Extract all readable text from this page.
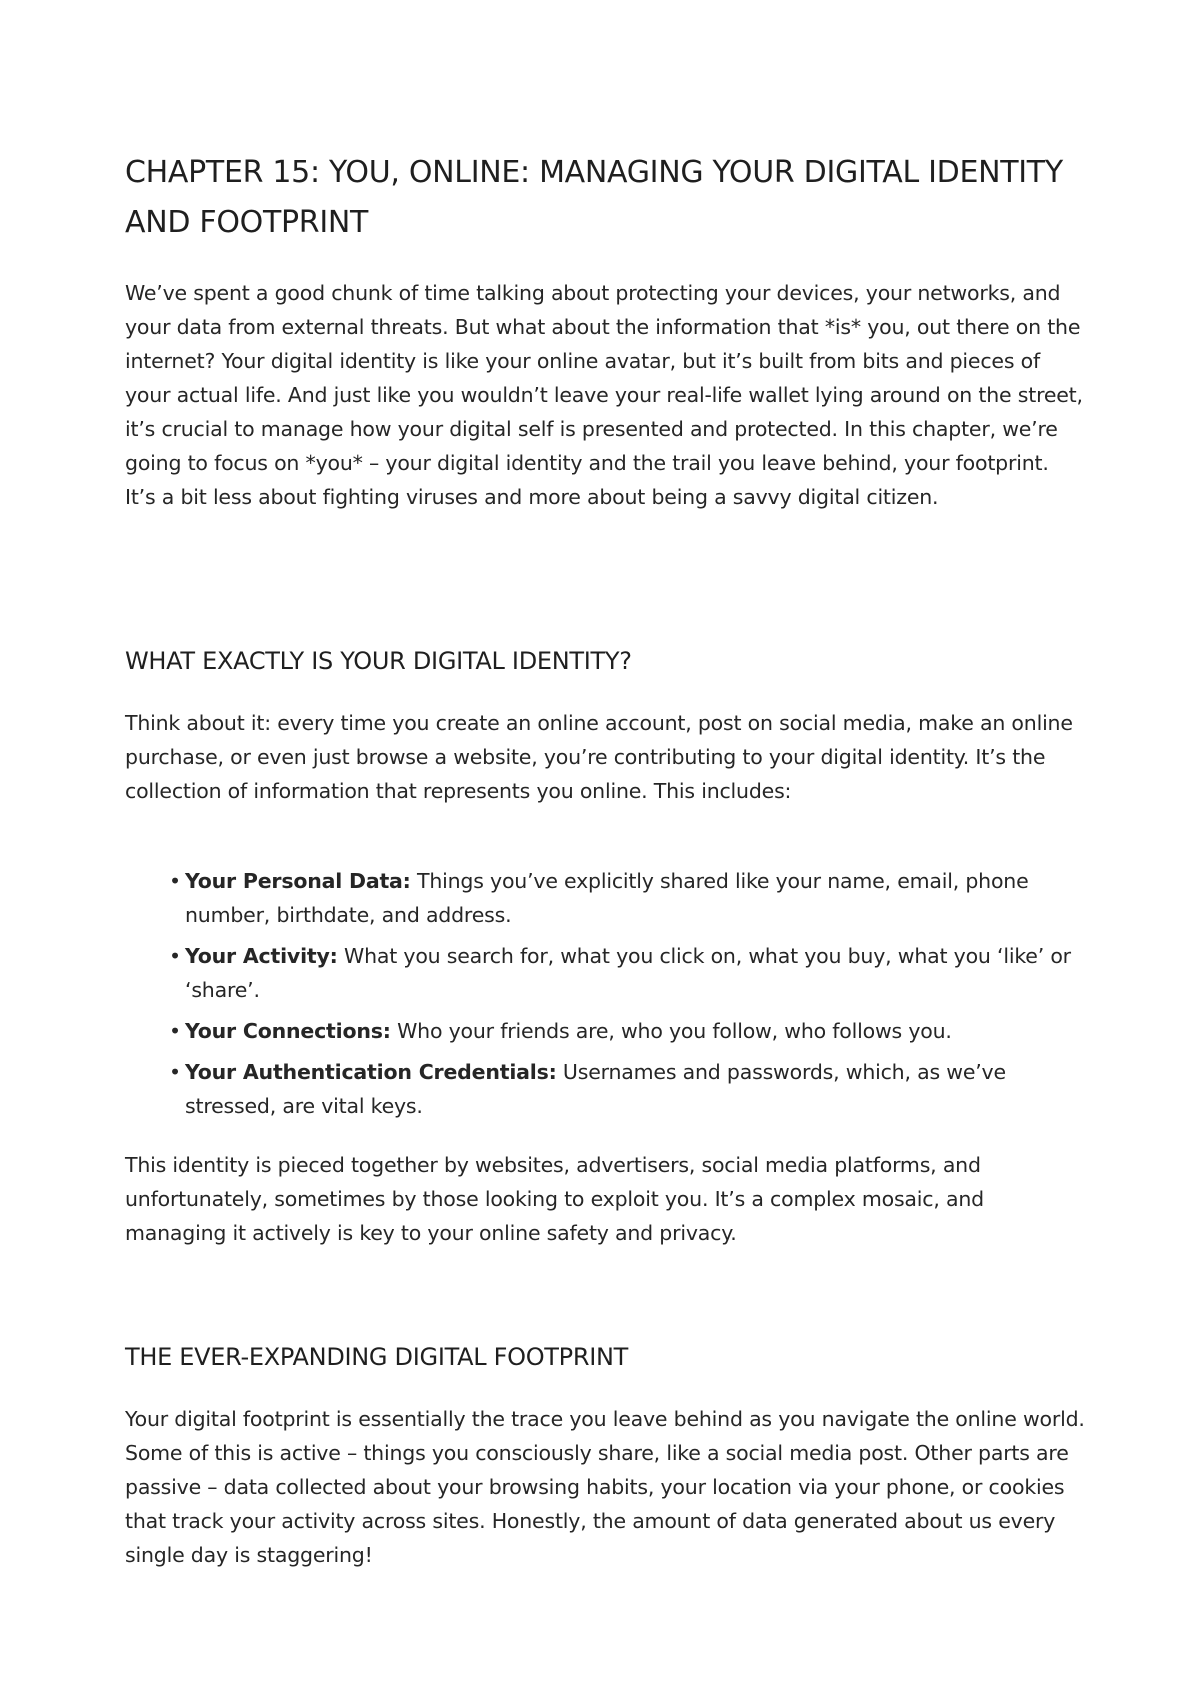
CHAPTER 15: YOU, ONLINE: MANAGING YOUR DIGITAL IDENTITY AND FOOTPRINT

We’ve spent a good chunk of time talking about protecting your devices, your networks, and your data from external threats. But what about the information that *is* you, out there on the internet? Your digital identity is like your online avatar, but it’s built from bits and pieces of your actual life. And just like you wouldn’t leave your real-life wallet lying around on the street, it’s crucial to manage how your digital self is presented and protected. In this chapter, we’re going to focus on *you* – your digital identity and the trail you leave behind, your footprint. It’s a bit less about fighting viruses and more about being a savvy digital citizen.

WHAT EXACTLY IS YOUR DIGITAL IDENTITY?

Think about it: every time you create an online account, post on social media, make an online purchase, or even just browse a website, you’re contributing to your digital identity. It’s the collection of information that represents you online. This includes:

• Your Personal Data: Things you’ve explicitly shared like your name, email, phone number, birthdate, and address.
• Your Activity: What you search for, what you click on, what you buy, what you ‘like’ or ‘share’.
• Your Connections: Who your friends are, who you follow, who follows you.
• Your Authentication Credentials: Usernames and passwords, which, as we’ve stressed, are vital keys.

This identity is pieced together by websites, advertisers, social media platforms, and unfortunately, sometimes by those looking to exploit you. It’s a complex mosaic, and managing it actively is key to your online safety and privacy.

THE EVER-EXPANDING DIGITAL FOOTPRINT

Your digital footprint is essentially the trace you leave behind as you navigate the online world. Some of this is active – things you consciously share, like a social media post. Other parts are passive – data collected about your browsing habits, your location via your phone, or cookies that track your activity across sites. Honestly, the amount of data generated about us every single day is staggering!
